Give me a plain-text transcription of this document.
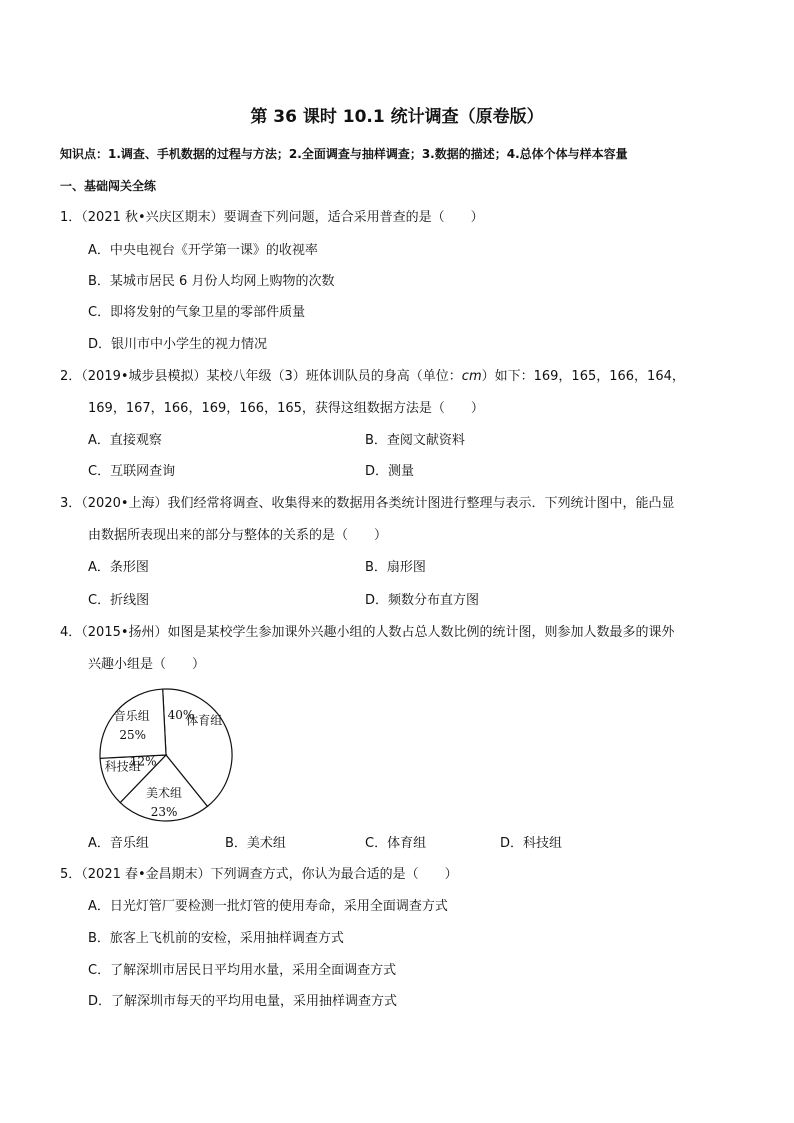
第 36 课时 10.1 统计调查（原卷版）
知识点：1.调查、手机数据的过程与方法；2.全面调查与抽样调查；3.数据的描述；4.总体个体与样本容量
一、基础闯关全练
1．（2021 秋•兴庆区期末）要调查下列问题，适合采用普查的是（　　）
A．中央电视台《开学第一课》的收视率
B．某城市居民 6 月份人均网上购物的次数
C．即将发射的气象卫星的零部件质量
D．银川市中小学生的视力情况
2．（2019•城步县模拟）某校八年级（3）班体训队员的身高（单位：cm）如下：169，165，166，164，
169，167，166，169，166，165，获得这组数据方法是（　　）
A．直接观察	B．查阅文献资料
C．互联网查询	D．测量
3．（2020•上海）我们经常将调查、收集得来的数据用各类统计图进行整理与表示．下列统计图中，能凸显
由数据所表现出来的部分与整体的关系的是（　　）
A．条形图	B．扇形图
C．折线图	D．频数分布直方图
4．（2015•扬州）如图是某校学生参加课外兴趣小组的人数占总人数比例的统计图，则参加人数最多的课外
兴趣小组是（　　）
体育组
40%
美术组
23%
科技组
12%
音乐组
25%
A．音乐组	B．美术组	C．体育组	D．科技组
5．（2021 春•金昌期末）下列调查方式，你认为最合适的是（　　）
A．日光灯管厂要检测一批灯管的使用寿命，采用全面调查方式
B．旅客上飞机前的安检，采用抽样调查方式
C．了解深圳市居民日平均用水量，采用全面调查方式
D．了解深圳市每天的平均用电量，采用抽样调查方式
